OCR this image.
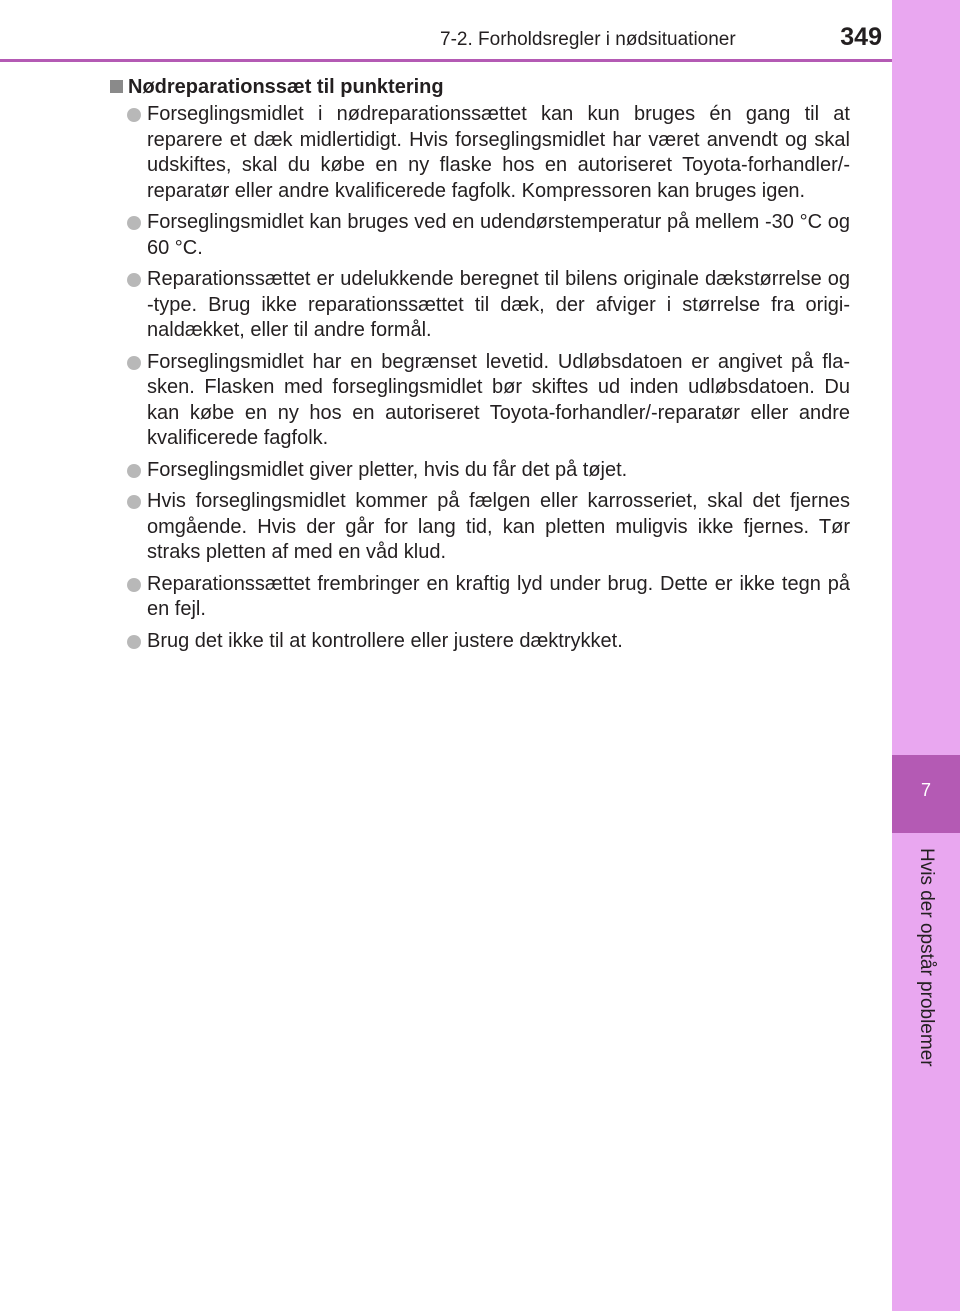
7-2. Forholdsregler i nødsituationer	349
7
Hvis der opstår problemer
Nødreparationssæt til punktering
Forseglingsmidlet i nødreparationssættet kan kun bruges én gang til at reparere et dæk midlertidigt. Hvis forseglingsmidlet har været anvendt og skal udskiftes, skal du købe en ny flaske hos en autoriseret Toyota-forhandler/-reparatør eller andre kvalificerede fagfolk. Kompressoren kan bruges igen.
Forseglingsmidlet kan bruges ved en udendørstemperatur på mellem -30 °C og 60 °C.
Reparationssættet er udelukkende beregnet til bilens originale dækstørrelse og -type. Brug ikke reparationssættet til dæk, der afviger i størrelse fra originaldækket, eller til andre formål.
Forseglingsmidlet har en begrænset levetid. Udløbsdatoen er angivet på flasken. Flasken med forseglingsmidlet bør skiftes ud inden udløbsdatoen. Du kan købe en ny hos en autoriseret Toyota-forhandler/-reparatør eller andre kvalificerede fagfolk.
Forseglingsmidlet giver pletter, hvis du får det på tøjet.
Hvis forseglingsmidlet kommer på fælgen eller karrosseriet, skal det fjernes omgående. Hvis der går for lang tid, kan pletten muligvis ikke fjernes. Tør straks pletten af med en våd klud.
Reparationssættet frembringer en kraftig lyd under brug. Dette er ikke tegn på en fejl.
Brug det ikke til at kontrollere eller justere dæktrykket.
